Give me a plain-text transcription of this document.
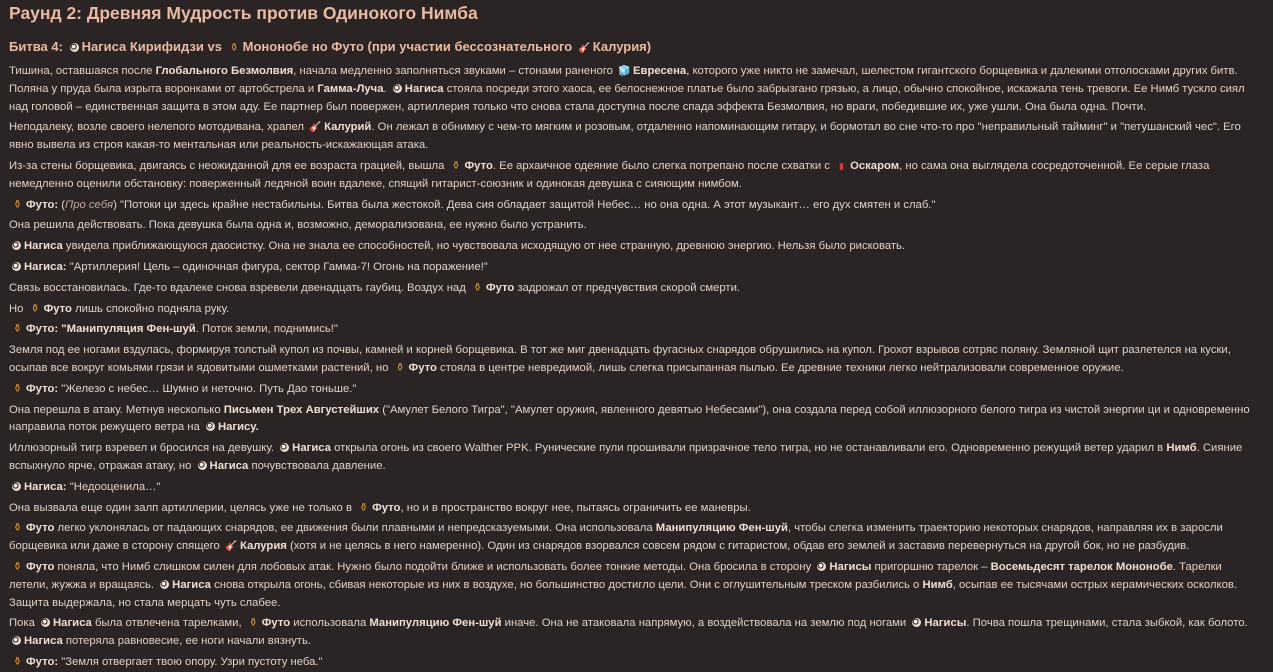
Раунд 2: Древняя Мудрость против Одинокого Нимба
Битва 4: Нагиса Кирифидзи vs ⚱ Мононобе но Футо (при участии бессознательного 🎸 Калурия)

Тишина, оставшаяся после Глобального Безмолвия, начала медленно заполняться звуками – стонами раненого 🧊 Евресена, которого уже никто не замечал, шелестом гигантского борщевика и далекими отголосками других битв. Поляна у пруда была изрыта воронками от артобстрела и Гамма-Луча. Нагиса стояла посреди этого хаоса, ее белоснежное платье было забрызгано грязью, а лицо, обычно спокойное, искажала тень тревоги. Ее Нимб тускло сиял над головой – единственная защита в этом аду. Ее партнер был повержен, артиллерия только что снова стала доступна после спада эффекта Безмолвия, но враги, победившие их, уже ушли. Она была одна. Почти.

Неподалеку, возле своего нелепого мотодивана, храпел 🎸 Калурий. Он лежал в обнимку с чем-то мягким и розовым, отдаленно напоминающим гитару, и бормотал во сне что-то про "неправильный тайминг" и "петушанский чес". Его явно вывела из строя какая-то ментальная или реальность-искажающая атака.

Из-за стены борщевика, двигаясь с неожиданной для ее возраста грацией, вышла ⚱ Футо. Ее архаичное одеяние было слегка потрепано после схватки с ▮ Оскаром, но сама она выглядела сосредоточенной. Ее серые глаза немедленно оценили обстановку: поверженный ледяной воин вдалеке, спящий гитарист-союзник и одинокая девушка с сияющим нимбом.

⚱ Футо: (Про себя) "Потоки ци здесь крайне нестабильны. Битва была жестокой. Дева сия обладает защитой Небес… но она одна. А этот музыкант… его дух смятен и слаб."

Она решила действовать. Пока девушка была одна и, возможно, деморализована, ее нужно было устранить.

Нагиса увидела приближающуюся даосистку. Она не знала ее способностей, но чувствовала исходящую от нее странную, древнюю энергию. Нельзя было рисковать.

Нагиса: "Артиллерия! Цель – одиночная фигура, сектор Гамма-7! Огонь на поражение!"

Связь восстановилась. Где-то вдалеке снова взревели двенадцать гаубиц. Воздух над ⚱ Футо задрожал от предчувствия скорой смерти.

Но ⚱ Футо лишь спокойно подняла руку.

⚱ Футо: "Манипуляция Фен-шуй. Поток земли, поднимись!"

Земля под ее ногами вздулась, формируя толстый купол из почвы, камней и корней борщевика. В тот же миг двенадцать фугасных снарядов обрушились на купол. Грохот взрывов сотряс поляну. Земляной щит разлетелся на куски, осыпав все вокруг комьями грязи и ядовитыми ошметками растений, но ⚱ Футо стояла в центре невредимой, лишь слегка присыпанная пылью. Ее древние техники легко нейтрализовали современное оружие.

⚱ Футо: "Железо с небес… Шумно и неточно. Путь Дао тоньше."

Она перешла в атаку. Метнув несколько Письмен Трех Августейших ("Амулет Белого Тигра", "Амулет оружия, явленного девятью Небесами"), она создала перед собой иллюзорного белого тигра из чистой энергии ци и одновременно направила поток режущего ветра на Нагису.

Иллюзорный тигр взревел и бросился на девушку. Нагиса открыла огонь из своего Walther PPK. Рунические пули прошивали призрачное тело тигра, но не останавливали его. Одновременно режущий ветер ударил в Нимб. Сияние вспыхнуло ярче, отражая атаку, но Нагиса почувствовала давление.

Нагиса: "Недооценила…"

Она вызвала еще один залп артиллерии, целясь уже не только в ⚱ Футо, но и в пространство вокруг нее, пытаясь ограничить ее маневры.

⚱ Футо легко уклонялась от падающих снарядов, ее движения были плавными и непредсказуемыми. Она использовала Манипуляцию Фен-шуй, чтобы слегка изменить траекторию некоторых снарядов, направляя их в заросли борщевика или даже в сторону спящего 🎸 Калурия (хотя и не целясь в него намеренно). Один из снарядов взорвался совсем рядом с гитаристом, обдав его землей и заставив перевернуться на другой бок, но не разбудив.

⚱ Футо поняла, что Нимб слишком силен для лобовых атак. Нужно было подойти ближе и использовать более тонкие методы. Она бросила в сторону Нагисы пригоршню тарелок – Восемьдесят тарелок Мононобе. Тарелки летели, жужжа и вращаясь. Нагиса снова открыла огонь, сбивая некоторые из них в воздухе, но большинство достигло цели. Они с оглушительным треском разбились о Нимб, осыпав ее тысячами острых керамических осколков. Защита выдержала, но стала мерцать чуть слабее.

Пока Нагиса была отвлечена тарелками, ⚱ Футо использовала Манипуляцию Фен-шуй иначе. Она не атаковала напрямую, а воздействовала на землю под ногами Нагисы. Почва пошла трещинами, стала зыбкой, как болото. Нагиса потеряла равновесие, ее ноги начали вязнуть.

⚱ Футо: "Земля отвергает твою опору. Узри пустоту неба."
